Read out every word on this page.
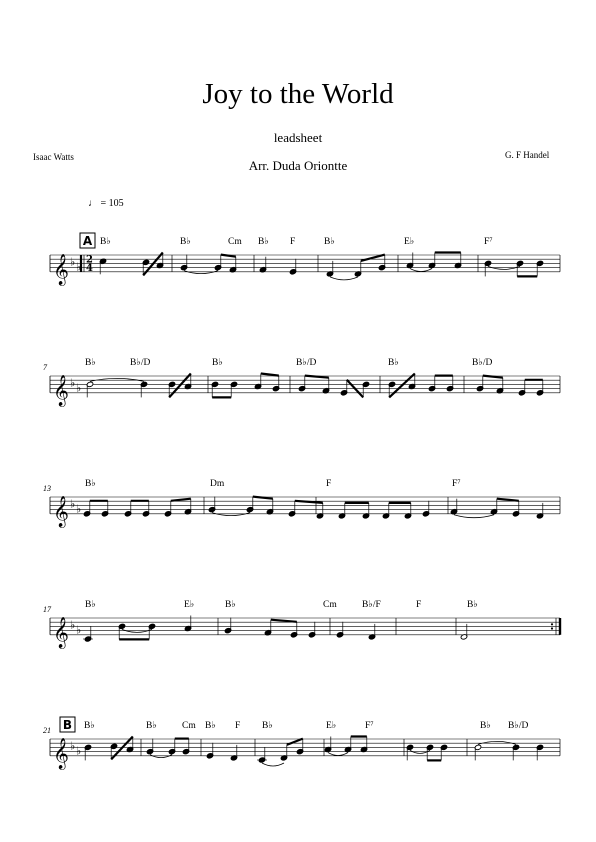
Joy to the World
leadsheet
Arr. Duda Oriontte
Isaac Watts	G. F Handel
♩ = 105
𝄞 ♭ ♭
2
4
𝄞 ♭ ♭
𝄞 ♭ ♭
𝄞 ♭ ♭
𝄞 ♭ ♭
B♭	B♭	Cm B♭ F	B♭	E♭	F⁷
7	B♭	B♭/D	B♭	B♭/D	B♭	B♭/D
13	B♭	Dm	F	F⁷
17	B♭	E♭	B♭	Cm	B♭/F	F	B♭
21	B♭	B♭	Cm B♭ F B♭	E♭	F⁷	B♭ B♭/D
A
B
